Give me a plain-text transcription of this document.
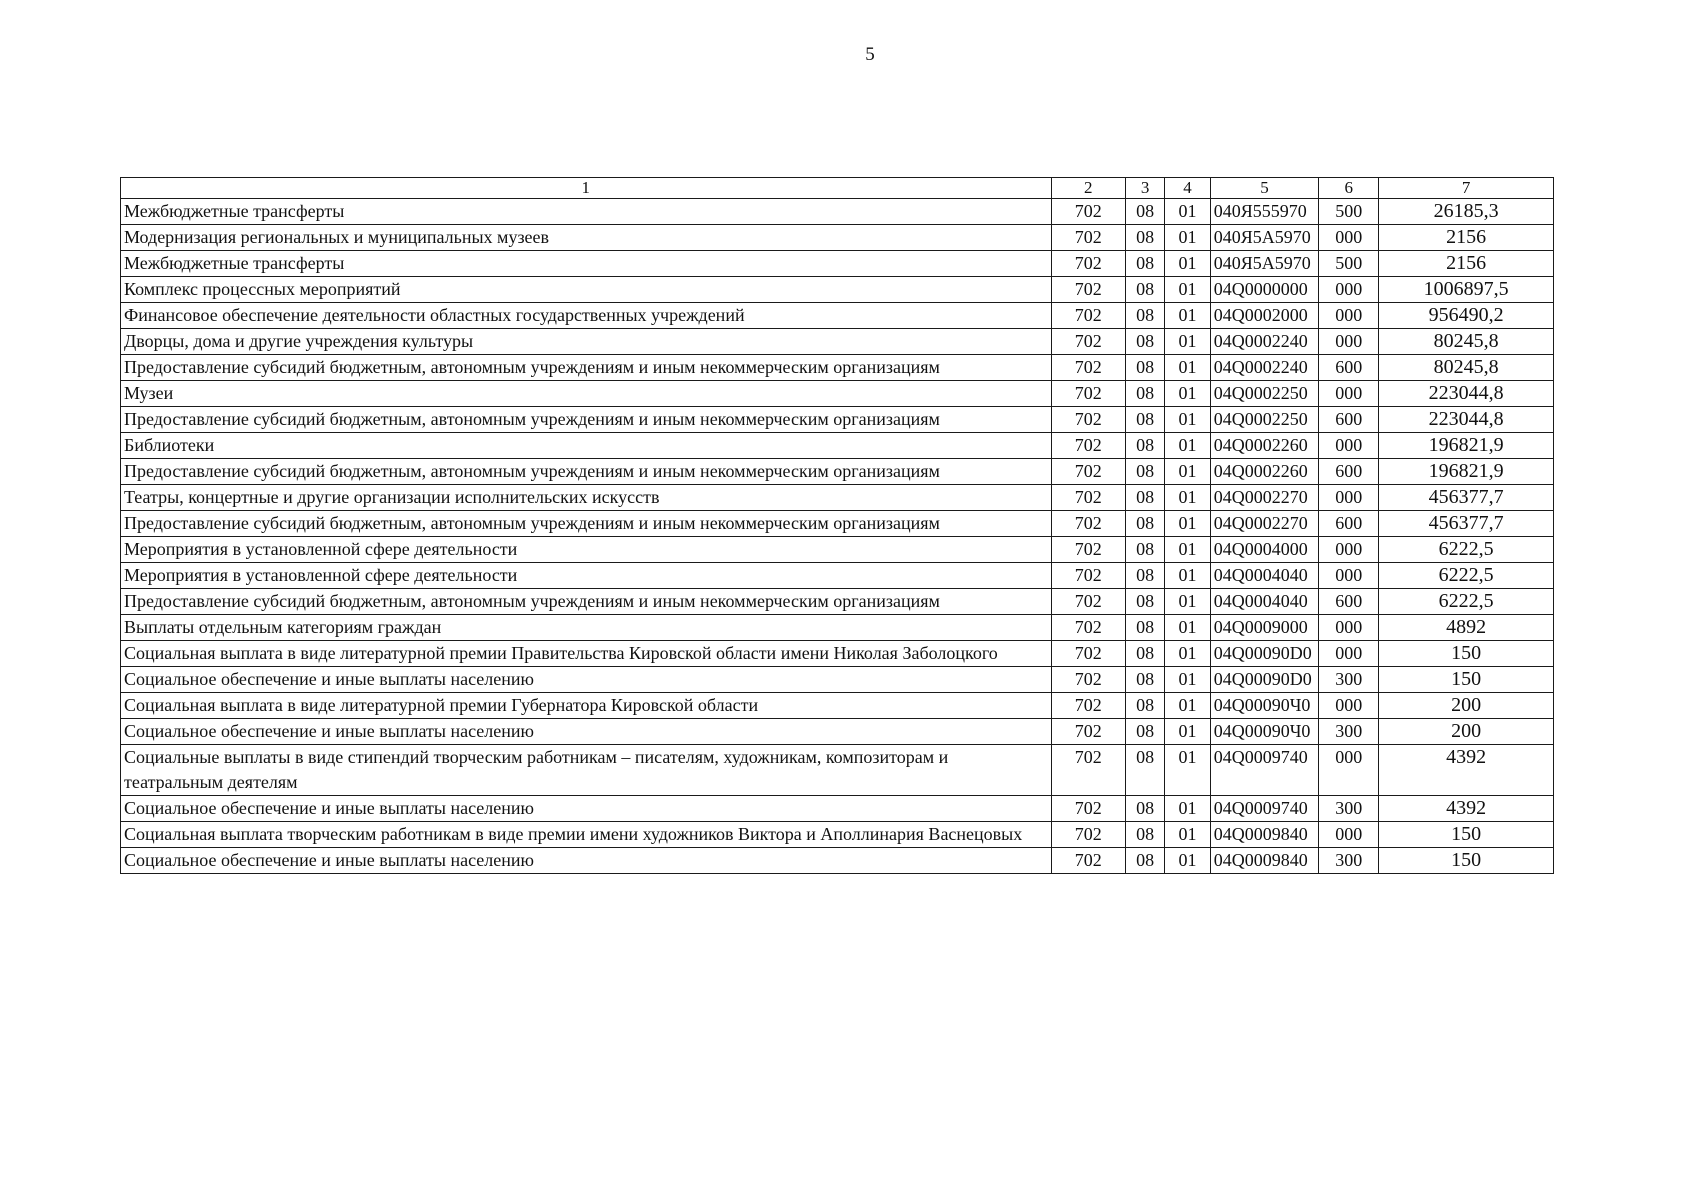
5
1	2	3	4	5	6	7
Межбюджетные трансферты	702	08	01	040Я555970	500	26185,3
Модернизация региональных и муниципальных музеев	702	08	01	040Я5А5970	000	2156
Межбюджетные трансферты	702	08	01	040Я5А5970	500	2156
Комплекс процессных мероприятий	702	08	01	04Q0000000	000	1006897,5
Финансовое обеспечение деятельности областных государственных учреждений	702	08	01	04Q0002000	000	956490,2
Дворцы, дома и другие учреждения культуры	702	08	01	04Q0002240	000	80245,8
Предоставление субсидий бюджетным, автономным учреждениям и иным некоммерческим организациям	702	08	01	04Q0002240	600	80245,8
Музеи	702	08	01	04Q0002250	000	223044,8
Предоставление субсидий бюджетным, автономным учреждениям и иным некоммерческим организациям	702	08	01	04Q0002250	600	223044,8
Библиотеки	702	08	01	04Q0002260	000	196821,9
Предоставление субсидий бюджетным, автономным учреждениям и иным некоммерческим организациям	702	08	01	04Q0002260	600	196821,9
Театры, концертные и другие организации исполнительских искусств	702	08	01	04Q0002270	000	456377,7
Предоставление субсидий бюджетным, автономным учреждениям и иным некоммерческим организациям	702	08	01	04Q0002270	600	456377,7
Мероприятия в установленной сфере деятельности	702	08	01	04Q0004000	000	6222,5
Мероприятия в установленной сфере деятельности	702	08	01	04Q0004040	000	6222,5
Предоставление субсидий бюджетным, автономным учреждениям и иным некоммерческим организациям	702	08	01	04Q0004040	600	6222,5
Выплаты отдельным категориям граждан	702	08	01	04Q0009000	000	4892
Социальная выплата в виде литературной премии Правительства Кировской области имени Николая Заболоцкого	702	08	01	04Q00090D0	000	150
Социальное обеспечение и иные выплаты населению	702	08	01	04Q00090D0	300	150
Социальная выплата в виде литературной премии Губернатора Кировской области	702	08	01	04Q00090Ч0	000	200
Социальное обеспечение и иные выплаты населению	702	08	01	04Q00090Ч0	300	200
Социальные выплаты в виде стипендий творческим работникам – писателям, художникам, композиторам и театральным деятелям	702	08	01	04Q0009740	000	4392
Социальное обеспечение и иные выплаты населению	702	08	01	04Q0009740	300	4392
Социальная выплата творческим работникам в виде премии имени художников Виктора и Аполлинария Васнецовых	702	08	01	04Q0009840	000	150
Социальное обеспечение и иные выплаты населению	702	08	01	04Q0009840	300	150
